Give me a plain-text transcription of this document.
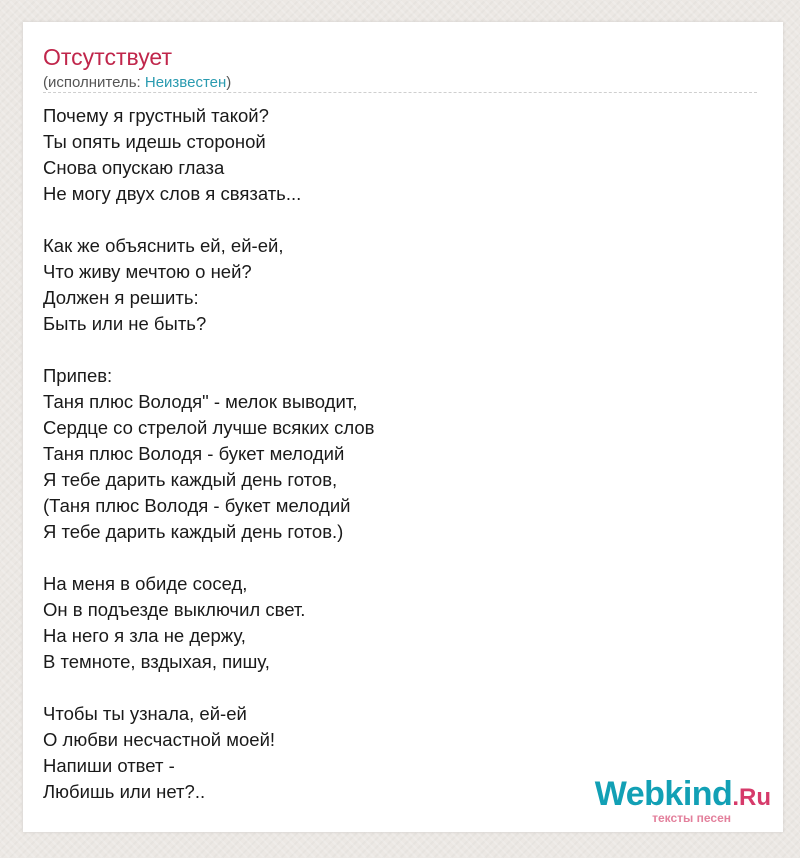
Отсутствует
(исполнитель: Неизвестен)
Почему я грустный такой?
Ты опять идешь стороной
Снова опускаю глаза
Не могу двух слов я связать...
Как же объяснить ей, ей-ей,
Что живу мечтою о ней?
Должен я решить:
Быть или не быть?
Припев:
Таня плюс Володя" - мелок выводит,
Сердце со стрелой лучше всяких слов
Таня плюс Володя - букет мелодий
Я тебе дарить каждый день готов,
(Таня плюс Володя - букет мелодий
Я тебе дарить каждый день готов.)
На меня в обиде сосед,
Он в подъезде выключил свет.
На него я зла не держу,
В темноте, вздыхая, пишу,
Чтобы ты узнала, ей-ей
О любви несчастной моей!
Напиши ответ -
Любишь или нет?..	Webkind.Ru
тексты песен
